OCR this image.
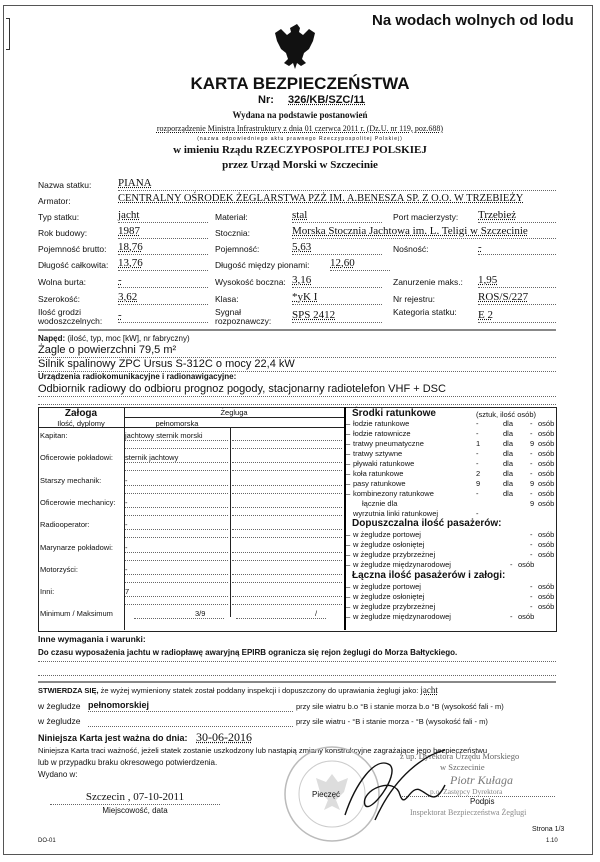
Na wodach wolnych od lodu
KARTA BEZPIECZEŃSTWA
Nr: 326/KB/SZC/11
Wydana na podstawie postanowień
rozporządzenie Ministra Infrastruktury z dnia 01 czerwca 2011 r. (Dz.U. nr 119, poz.688)
(nazwa odpowiedniego aktu prawnego Rzeczypospolitej Polskiej)
w imieniu Rządu RZECZYPOSPOLITEJ POLSKIEJ
przez Urząd Morski w Szczecinie
Nazwa statku: PIANA
Armator:	CENTRALNY OŚRODEK ŻEGLARSTWA PZŻ IM. A.BENESZA SP. Z O.O. W TRZEBIEŻY
Typ statku:	jacht	Materiał:	stal	Port macierzysty: Trzebież
Rok budowy:	1987	Stocznia:	Morska Stocznia Jachtowa im. L. Teligi w Szczecinie
Pojemność brutto: 18,76	Pojemność:	5,63	Nośność:	-
Długość całkowita: 13,76	Długość między pionami: 12,60
Wolna burta:	-	Wysokość boczna: 3,16	Zanurzenie maks.: 1,95
Szerokość:	3,62	Klasa:	*yK I	Nr rejestru:	ROS/S/227
Ilość grodzi wodoszczelnych:	-	Sygnał rozpoznawczy:	SPS 2412	Kategoria statku:	E 2
Napęd: (ilość, typ, moc [kW], nr fabryczny)
Żagle o powierzchni 79,5 m²
Silnik spalinowy ZPC Ursus S-312C o mocy 22,4 kW
Urządzenia radiokomunikacyjne i radionawigacyjne:
Odbiornik radiowy do odbioru prognoz pogody, stacjonarny radiotelefon VHF + DSC
Załoga
Ilość, dyplomy
Żegluga
pełnomorska
Kapitan:	jachtowy sternik morski
Oficerowie pokładowi: sternik jachtowy
Starszy mechanik:	-
Oficerowie mechanicy: -
Radiooperator:	-
Marynarze pokładowi: -
Motorzyści:	-
Inni:	7
Minimum / Maksimum	3/9	/
Środki ratunkowe	(sztuk, ilość osób)
– łodzie ratunkowe	-	dla - osób
– łodzie ratownicze	-	dla - osób
– tratwy pneumatyczne	1	dla 9 osób
– tratwy sztywne	-	dla - osób
– pływaki ratunkowe	-	dla - osób
– koła ratunkowe	2	dla - osób
– pasy ratunkowe	9	dla 9 osób
– kombinezony ratunkowe	-	dla - osób
łącznie dla	9 osób
wyrzutnia linki ratunkowej	-
Dopuszczalna ilość pasażerów:
– w żegludze portowej	- osób
– w żegludze osłoniętej	- osób
– w żegludze przybrzeżnej	- osób
– w żegludze międzynarodowej	- osób
Łączna ilość pasażerów i załogi:
– w żegludze portowej	- osób
– w żegludze osłoniętej	- osób
– w żegludze przybrzeżnej	- osób
– w żegludze międzynarodowej	- osób
Inne wymagania i warunki:
Do czasu wyposażenia jachtu w radiopławę awaryjną EPIRB ogranicza się rejon żeglugi do Morza Bałtyckiego.
STWIERDZA SIĘ, że wyżej wymieniony statek został poddany inspekcji i dopuszczony do uprawiania żeglugi jako: jacht
w żegludze pełnomorskiej	przy sile wiatru b.o °B i stanie morza b.o °B (wysokość fali - m)
w żegludze	przy sile wiatru - °B i stanie morza - °B (wysokość fali - m)
Niniejsza Karta jest ważna do dnia: 30-06-2016
Niniejsza Karta traci ważność, jeżeli statek zostanie uszkodzony lub nastąpią zmiany konstrukcyjne zagrażające jego bezpieczeństwu
lub w przypadku braku okresowego potwierdzenia.
Wydano w:
Szczecin , 07-10-2011
Miejscowość, data
Pieczęć
z up. Dyrektora Urzędu Morskiego
w Szczecinie
Piotr Kułaga
p.o. Zastępcy Dyrektora
Podpis
Inspektorat Bezpieczeństwa Żeglugi
Strona 1/3
DO-01	1.10
